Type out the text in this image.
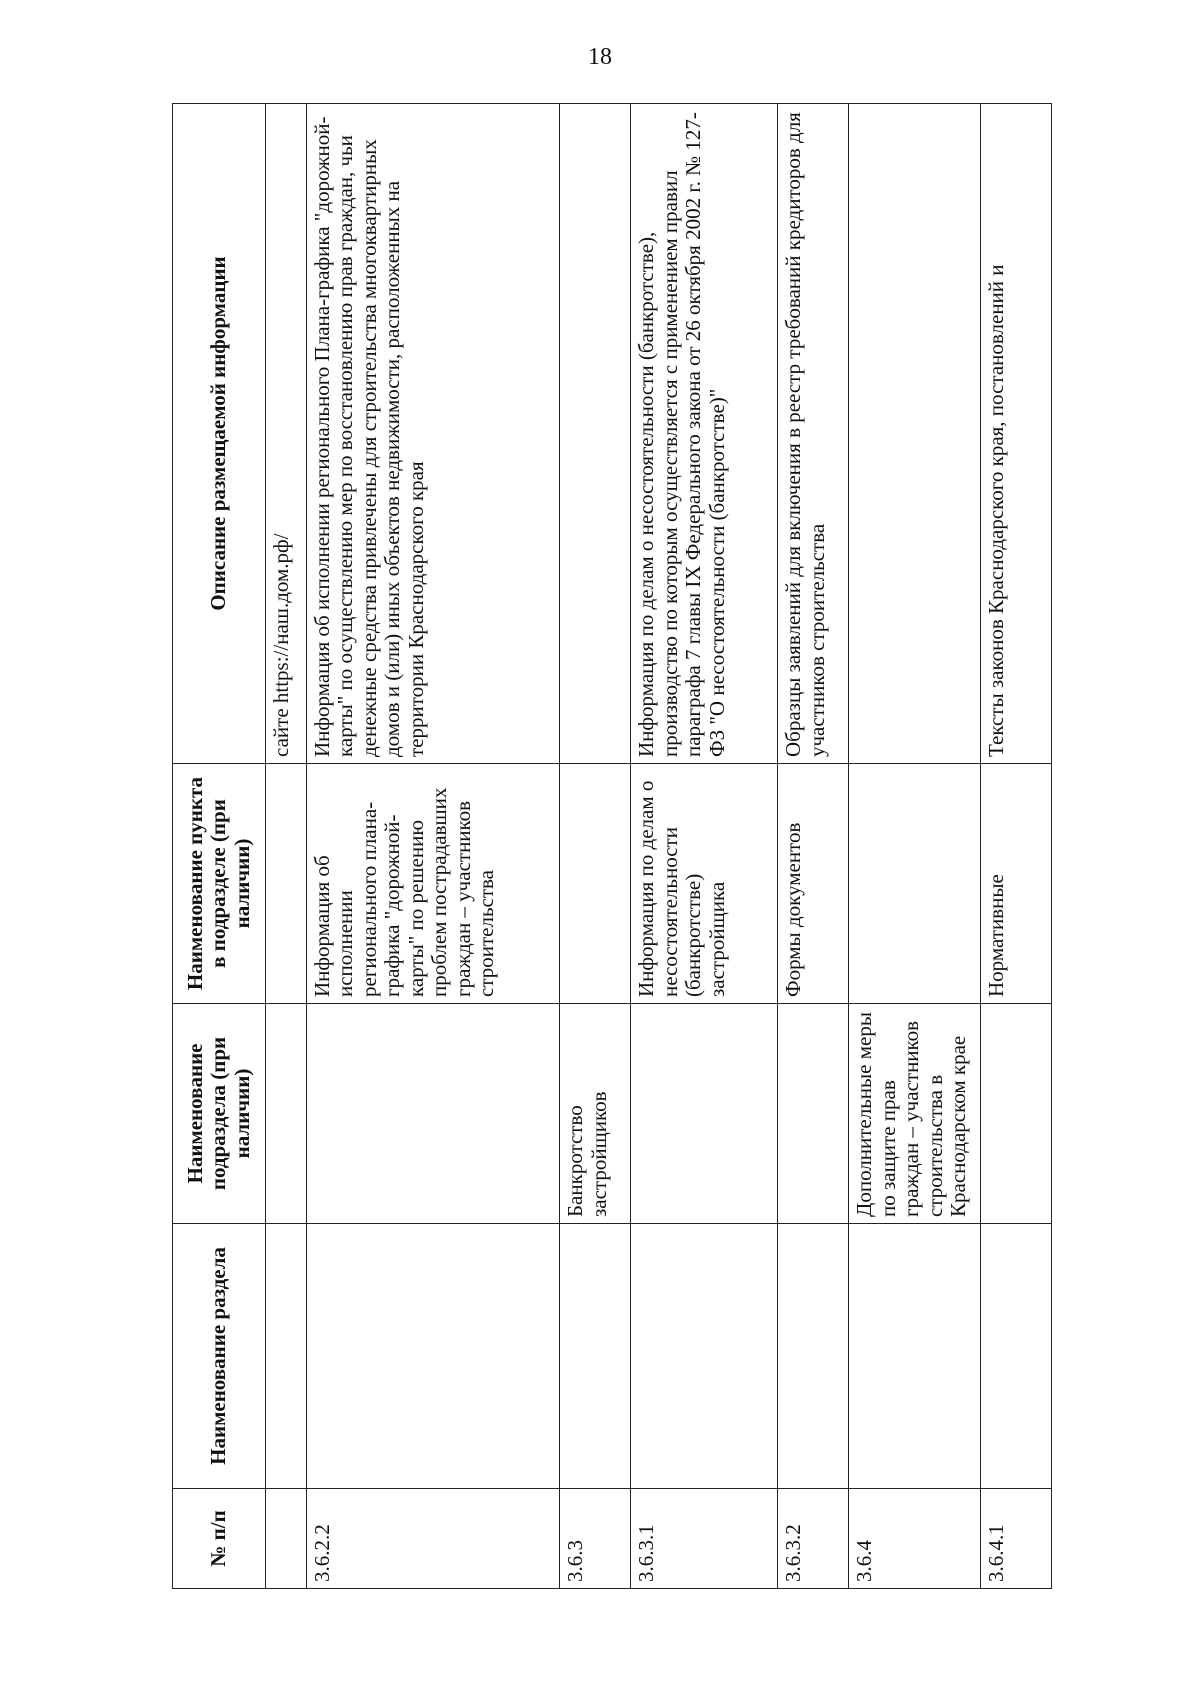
18
№ п/п	Наименование раздела	Наименование подраздела (при наличии)	Наименование пункта в подразделе (при наличии)	Описание размещаемой информации
				сайте https://наш.дом.рф/
3.6.2.2			Информация об исполнении регионального плана-графика "дорожной-карты" по решению проблем пострадавших граждан – участников строительства	Информация об исполнении регионального Плана-графика "дорожной-карты" по осуществлению мер по восстановлению прав граждан, чьи денежные средства привлечены для строительства многоквартирных домов и (или) иных объектов недвижимости, расположенных на территории Краснодарского края
3.6.3		Банкротство застройщиков		
3.6.3.1			Информация по делам о несостоятельности (банкротстве) застройщика	Информация по делам о несостоятельности (банкротстве), производство по которым осуществляется с применением правил параграфа 7 главы IX Федерального закона от 26 октября 2002 г. № 127-ФЗ "О несостоятельности (банкротстве)"
3.6.3.2			Формы документов	Образцы заявлений для включения в реестр требований кредиторов для участников строительства
3.6.4		Дополнительные меры по защите прав граждан – участников строительства в Краснодарском крае		
3.6.4.1			Нормативные	Тексты законов Краснодарского края, постановлений и
